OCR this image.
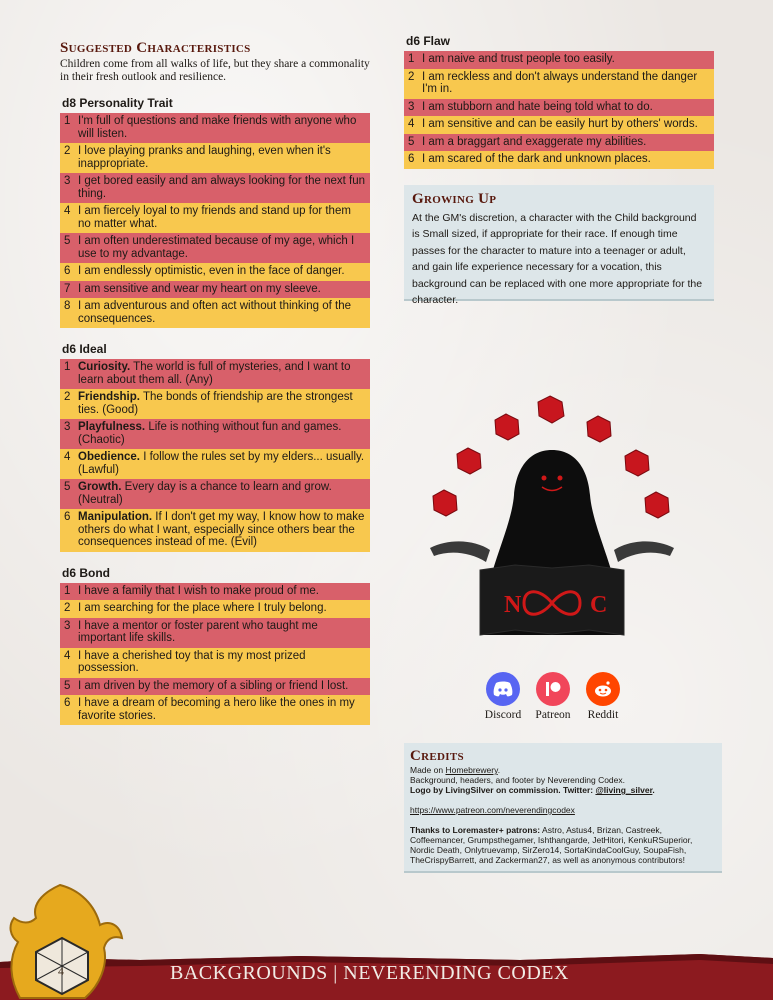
Suggested Characteristics

Children come from all walks of life, but they share a commonality in their fresh outlook and resilience.

d8 Personality Trait
1 I'm full of questions and make friends with anyone who will listen.
2 I love playing pranks and laughing, even when it's inappropriate.
3 I get bored easily and am always looking for the next fun thing.
4 I am fiercely loyal to my friends and stand up for them no matter what.
5 I am often underestimated because of my age, which I use to my advantage.
6 I am endlessly optimistic, even in the face of danger.
7 I am sensitive and wear my heart on my sleeve.
8 I am adventurous and often act without thinking of the consequences.
d6 Ideal
1 Curiosity. The world is full of mysteries, and I want to learn about them all. (Any)
2 Friendship. The bonds of friendship are the strongest ties. (Good)
3 Playfulness. Life is nothing without fun and games. (Chaotic)
4 Obedience. I follow the rules set by my elders... usually. (Lawful)
5 Growth. Every day is a chance to learn and grow. (Neutral)
6 Manipulation. If I don't get my way, I know how to make others do what I want, especially since others bear the consequences instead of me. (Evil)
d6 Bond
1 I have a family that I wish to make proud of me.
2 I am searching for the place where I truly belong.
3 I have a mentor or foster parent who taught me important life skills.
4 I have a cherished toy that is my most prized possession.
5 I am driven by the memory of a sibling or friend I lost.
6 I have a dream of becoming a hero like the ones in my favorite stories.
d6 Flaw
1 I am naive and trust people too easily.
2 I am reckless and don't always understand the danger I'm in.
3 I am stubborn and hate being told what to do.
4 I am sensitive and can be easily hurt by others' words.
5 I am a braggart and exaggerate my abilities.
6 I am scared of the dark and unknown places.
Growing Up
At the GM's discretion, a character with the Child background is Small sized, if appropriate for their race. If enough time passes for the character to mature into a teenager or adult, and gain life experience necessary for a vocation, this background can be replaced with one more appropriate for the character.
N	C
Discord Patreon Reddit
Credits
Made on Homebrewery.
Background, headers, and footer by Neverending Codex.
Logo by LivingSilver on commission. Twitter: @living_silver.
https://www.patreon.com/neverendingcodex
Thanks to Loremaster+ patrons: Astro, Astus4, Brizan, Castreek, Coffeemancer, Grumpsthegamer, Ishthangarde, JetHitori, KenkuRSuperior, Nordic Death, Onlytruevamp, SirZero14, SortaKindaCoolGuy, SoupaFish, TheCrispyBarrett, and Zackerman27, as well as anonymous contributors!
4	BACKGROUNDS | NEVERENDING CODEX
